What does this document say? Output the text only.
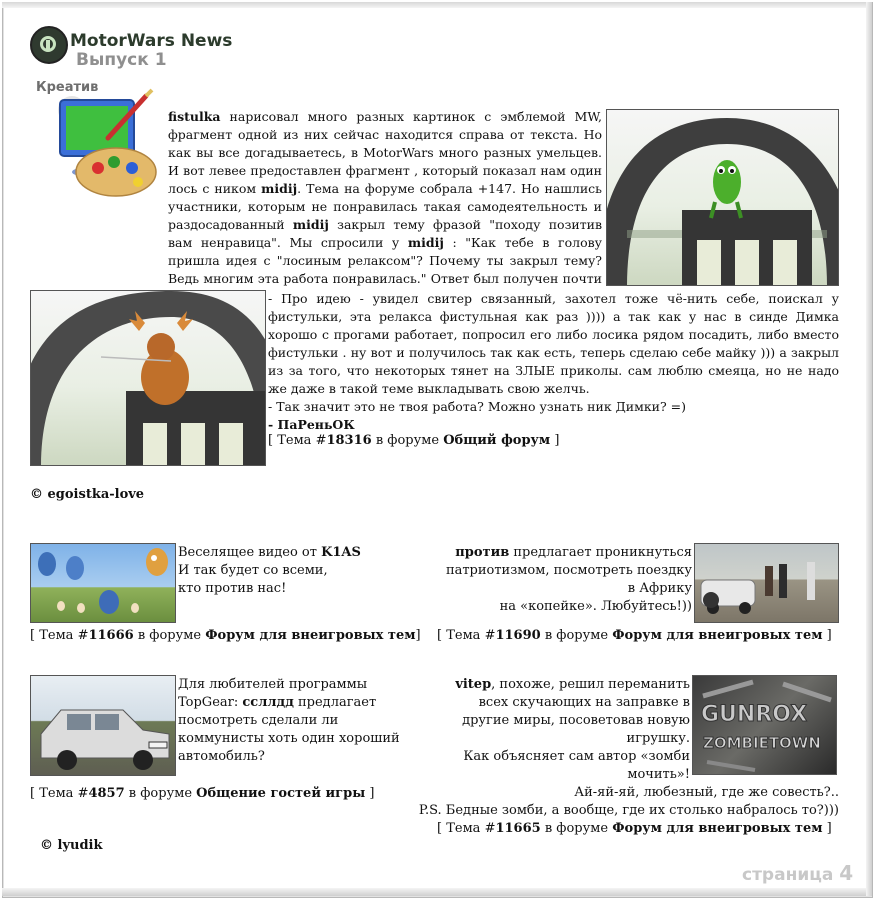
MotorWars News
Выпуск 1
Креатив
fistulka нарисовал много разных картинок с эмблемой MW, фрагмент одной из них сейчас находится справа от текста. Но как вы все догадываетесь, в MotorWars много разных умельцев. И вот левее предоставлен фрагмент , который показал нам один лось с ником midij. Тема на форуме собрала +147. Но нашлись участники, которым не понравилась такая самодеятельность и раздосадованный midij закрыл тему фразой "походу позитив вам ненравица". Мы спросили у midij : "Как тебе в голову пришла идея с "лосиным релаксом"? Почему ты закрыл тему? Ведь многим эта работа понравилась." Ответ был получен почти
- Про идею - увидел свитер связанный, захотел тоже чё-нить себе, поискал у фистульки, эта релакса фистульная как раз )))) а так как у нас в синде Димка хорошо с прогами работает, попросил его либо лосика рядом посадить, либо вместо фистульки . ну вот и получилось так как есть, теперь сделаю себе майку ))) а закрыл из за того, что некоторых тянет на ЗЛЫЕ приколы. сам люблю смеяца, но не надо же даже в такой теме выкладывать свою желчь.
- Так значит это не твоя работа? Можно узнать ник Димки? =)
- ПаРеньОК
[ Тема #18316 в форуме Общий форум ]
© egoistka-love
Веселящее видео от K1AS
И так будет со всеми,
кто против нас!
[ Тема #11666 в форуме Форум для внеигровых тем]
против предлагает проникнуться
патриотизмом, посмотреть поездку
в Африку
на «копейке». Любуйтесь!))
[ Тема #11690 в форуме Форум для внеигровых тем ]
Для любителей программы
TopGear: ссллдд предлагает
посмотреть сделали ли
коммунисты хоть один хороший
автомобиль?
[ Тема #4857 в форуме Общение гостей игры ]
vitep, похоже, решил переманить
всех скучающих на заправке в
другие миры, посоветовав новую
игрушку.
Как объясняет сам автор «зомби
мочить»!
GUNROX
ZOMBIETOWN
Ай-яй-яй, любезный, где же совесть?..
P.S. Бедные зомби, а вообще, где их столько набралось то?)))
[ Тема #11665 в форуме Форум для внеигровых тем ]
© lyudik
страница 4
